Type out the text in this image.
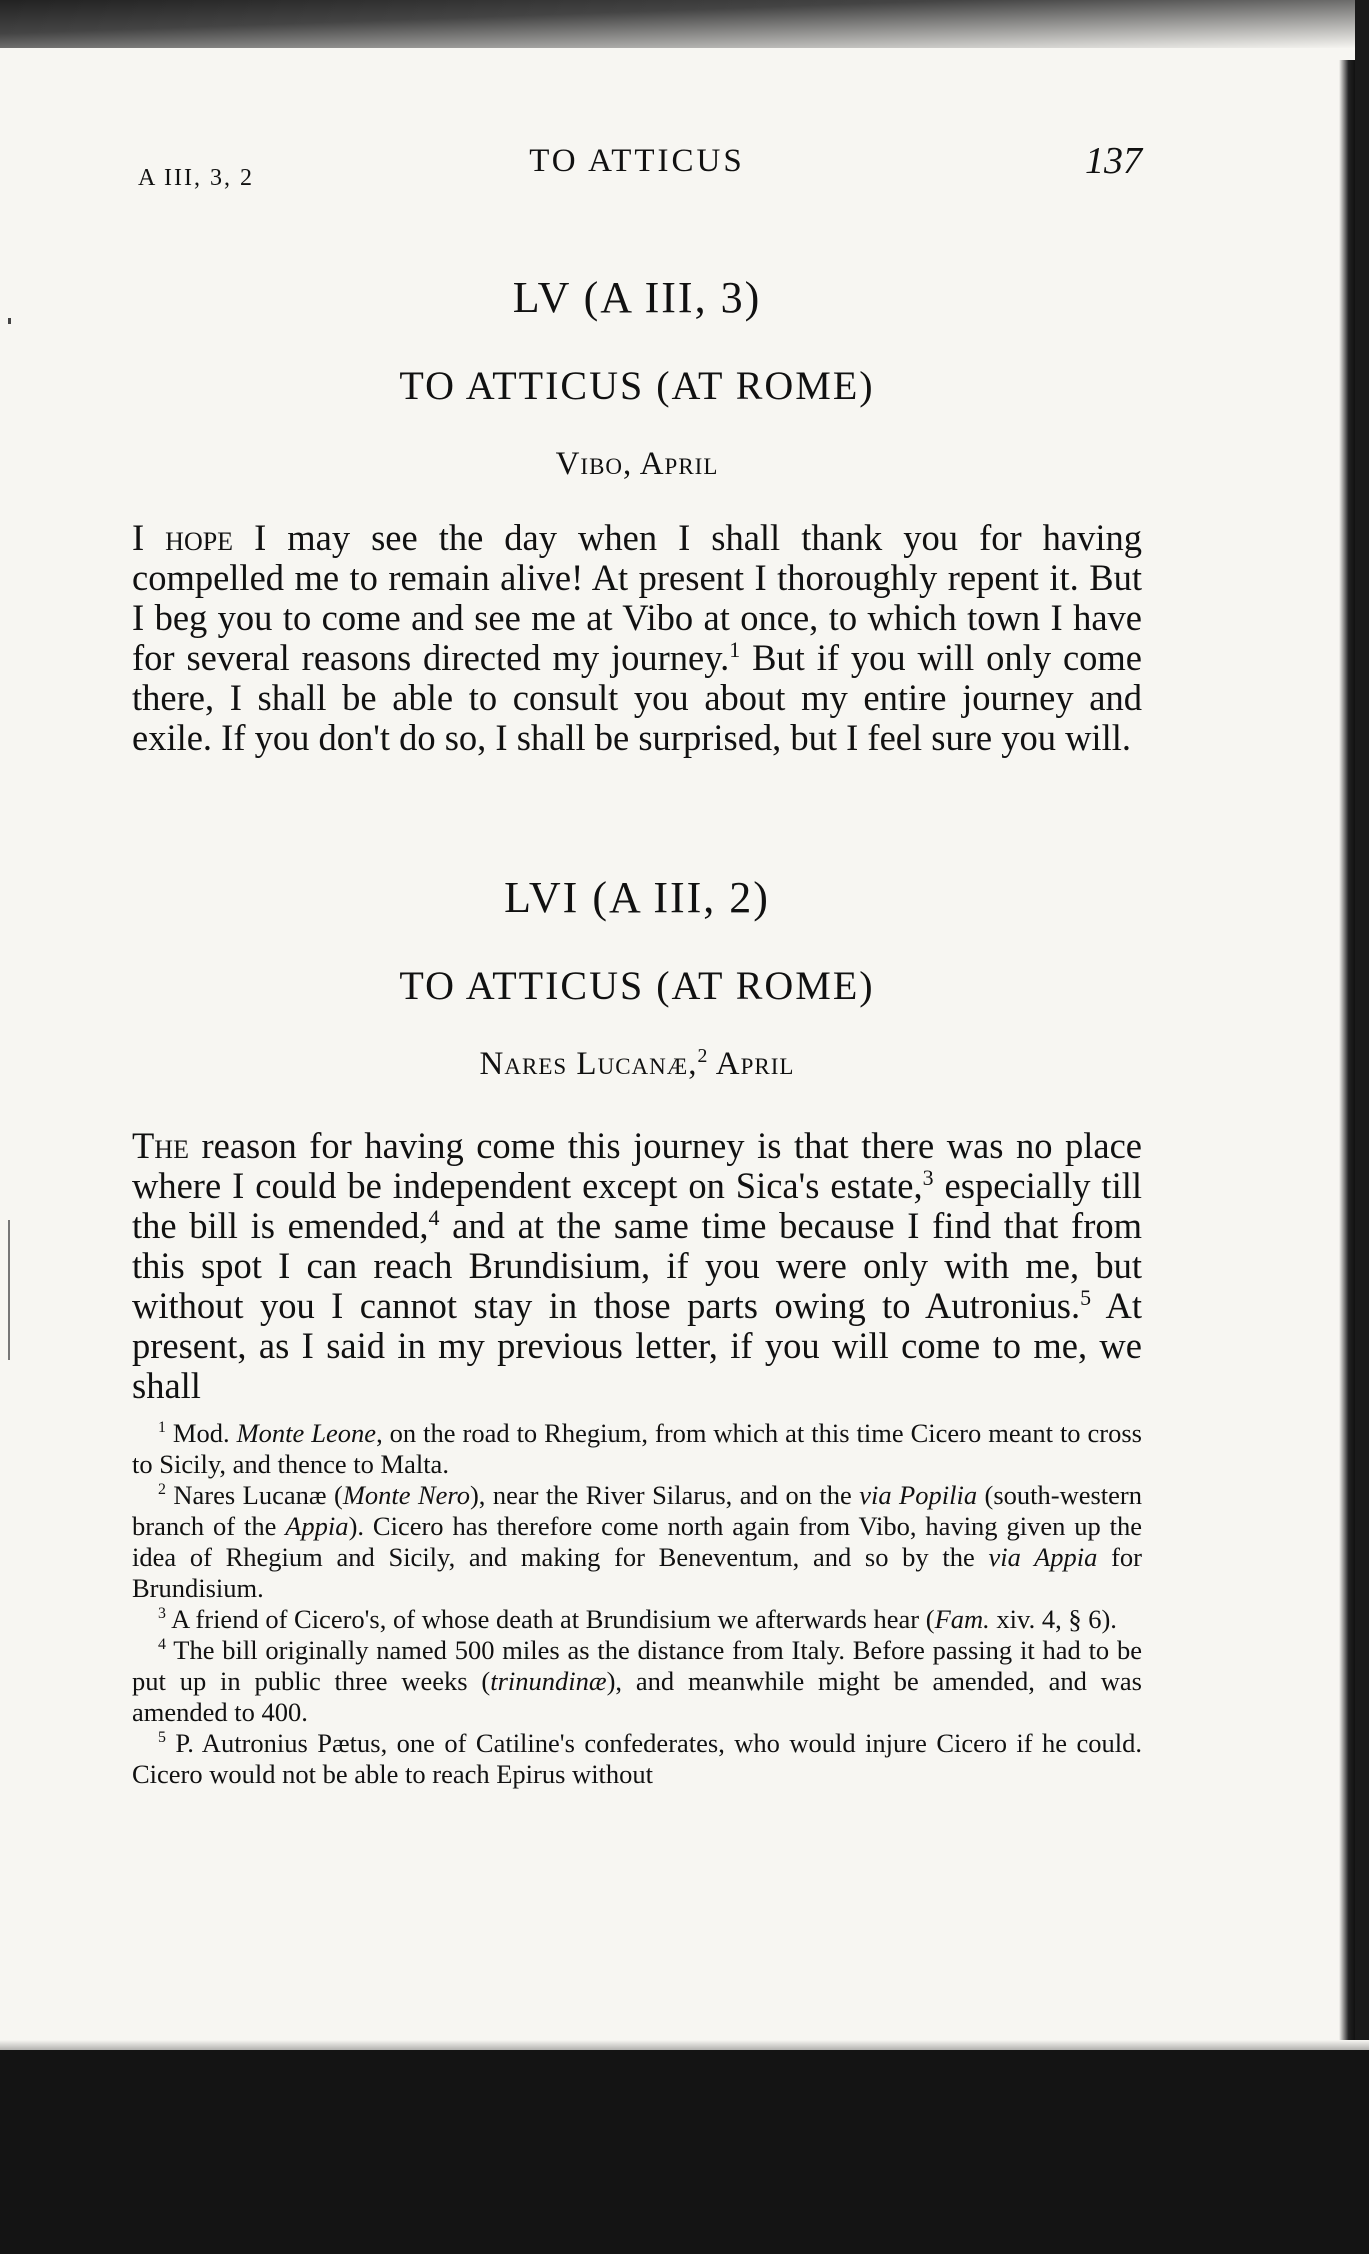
A III, 3, 2	TO ATTICUS	137
LV (A III, 3)
TO ATTICUS (AT ROME)
Vibo, April
I hope I may see the day when I shall thank you for having compelled me to remain alive! At present I thoroughly repent it. But I beg you to come and see me at Vibo at once, to which town I have for several reasons directed my journey.$^1$ But if you will only come there, I shall be able to consult you about my entire journey and exile. If you don't do so, I shall be surprised, but I feel sure you will.
LVI (A III, 2)
TO ATTICUS (AT ROME)
Nares Lucanæ,$^2$ April
The reason for having come this journey is that there was no place where I could be independent except on Sica's estate,$^3$ especially till the bill is emended,$^4$ and at the same time because I find that from this spot I can reach Brundisium, if you were only with me, but without you I cannot stay in those parts owing to Autronius.$^5$ At present, as I said in my previous letter, if you will come to me, we shall

$^1$ Mod. Monte Leone, on the road to Rhegium, from which at this time Cicero meant to cross to Sicily, and thence to Malta.

$^2$ Nares Lucanæ (Monte Nero), near the River Silarus, and on the via Popilia (south-western branch of the Appia). Cicero has therefore come north again from Vibo, having given up the idea of Rhegium and Sicily, and making for Beneventum, and so by the via Appia for Brundisium.

$^3$ A friend of Cicero's, of whose death at Brundisium we afterwards hear (Fam. xiv. 4, § 6).

$^4$ The bill originally named 500 miles as the distance from Italy. Before passing it had to be put up in public three weeks (trinundinæ), and meanwhile might be amended, and was amended to 400.

$^5$ P. Autronius Pætus, one of Catiline's confederates, who would injure Cicero if he could. Cicero would not be able to reach Epirus without
